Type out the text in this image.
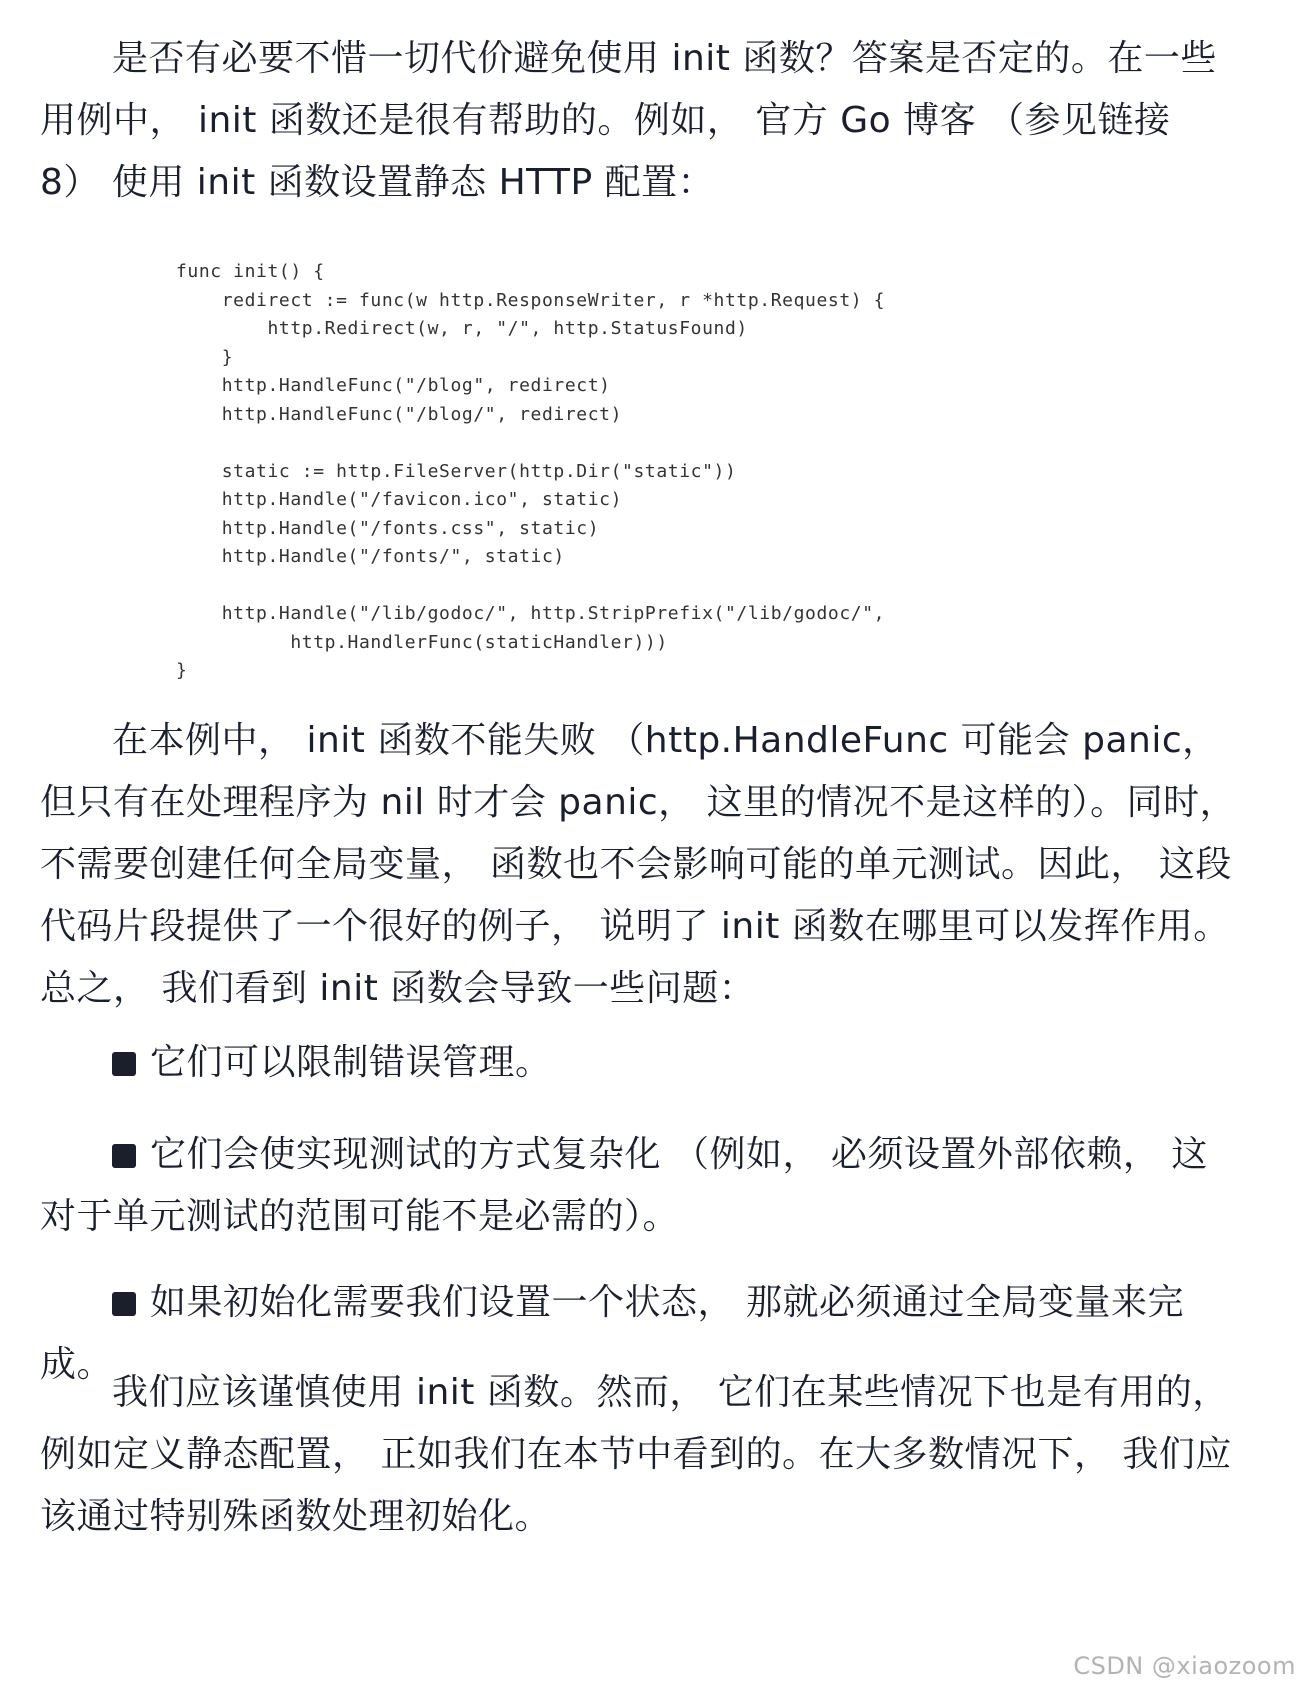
是否有必要不惜一切代价避免使用 init 函数？答案是否定的。在一些用例中， init 函数还是很有帮助的。例如， 官方 Go 博客 （参见链接 8） 使用 init 函数设置静态 HTTP 配置：

func init() {
redirect := func(w http.ResponseWriter, r *http.Request) {
http.Redirect(w, r, "/", http.StatusFound)
}
http.HandleFunc("/blog", redirect)
http.HandleFunc("/blog/", redirect)

static := http.FileServer(http.Dir("static"))
http.Handle("/favicon.ico", static)
http.Handle("/fonts.css", static)
http.Handle("/fonts/", static)

http.Handle("/lib/godoc/", http.StripPrefix("/lib/godoc/",
http.HandlerFunc(staticHandler)))
}

在本例中， init 函数不能失败 （http.HandleFunc 可能会 panic， 但只有在处理程序为 nil 时才会 panic， 这里的情况不是这样的）。同时， 不需要创建任何全局变量， 函数也不会影响可能的单元测试。因此， 这段代码片段提供了一个很好的例子， 说明了 init 函数在哪里可以发挥作用。总之， 我们看到 init 函数会导致一些问题：

它们可以限制错误管理。

它们会使实现测试的方式复杂化 （例如， 必须设置外部依赖， 这对于单元测试的范围可能不是必需的）。

如果初始化需要我们设置一个状态， 那就必须通过全局变量来完成。

我们应该谨慎使用 init 函数。然而， 它们在某些情况下也是有用的， 例如定义静态配置， 正如我们在本节中看到的。在大多数情况下， 我们应该通过特别殊函数处理初始化。

CSDN @xiaozoom
